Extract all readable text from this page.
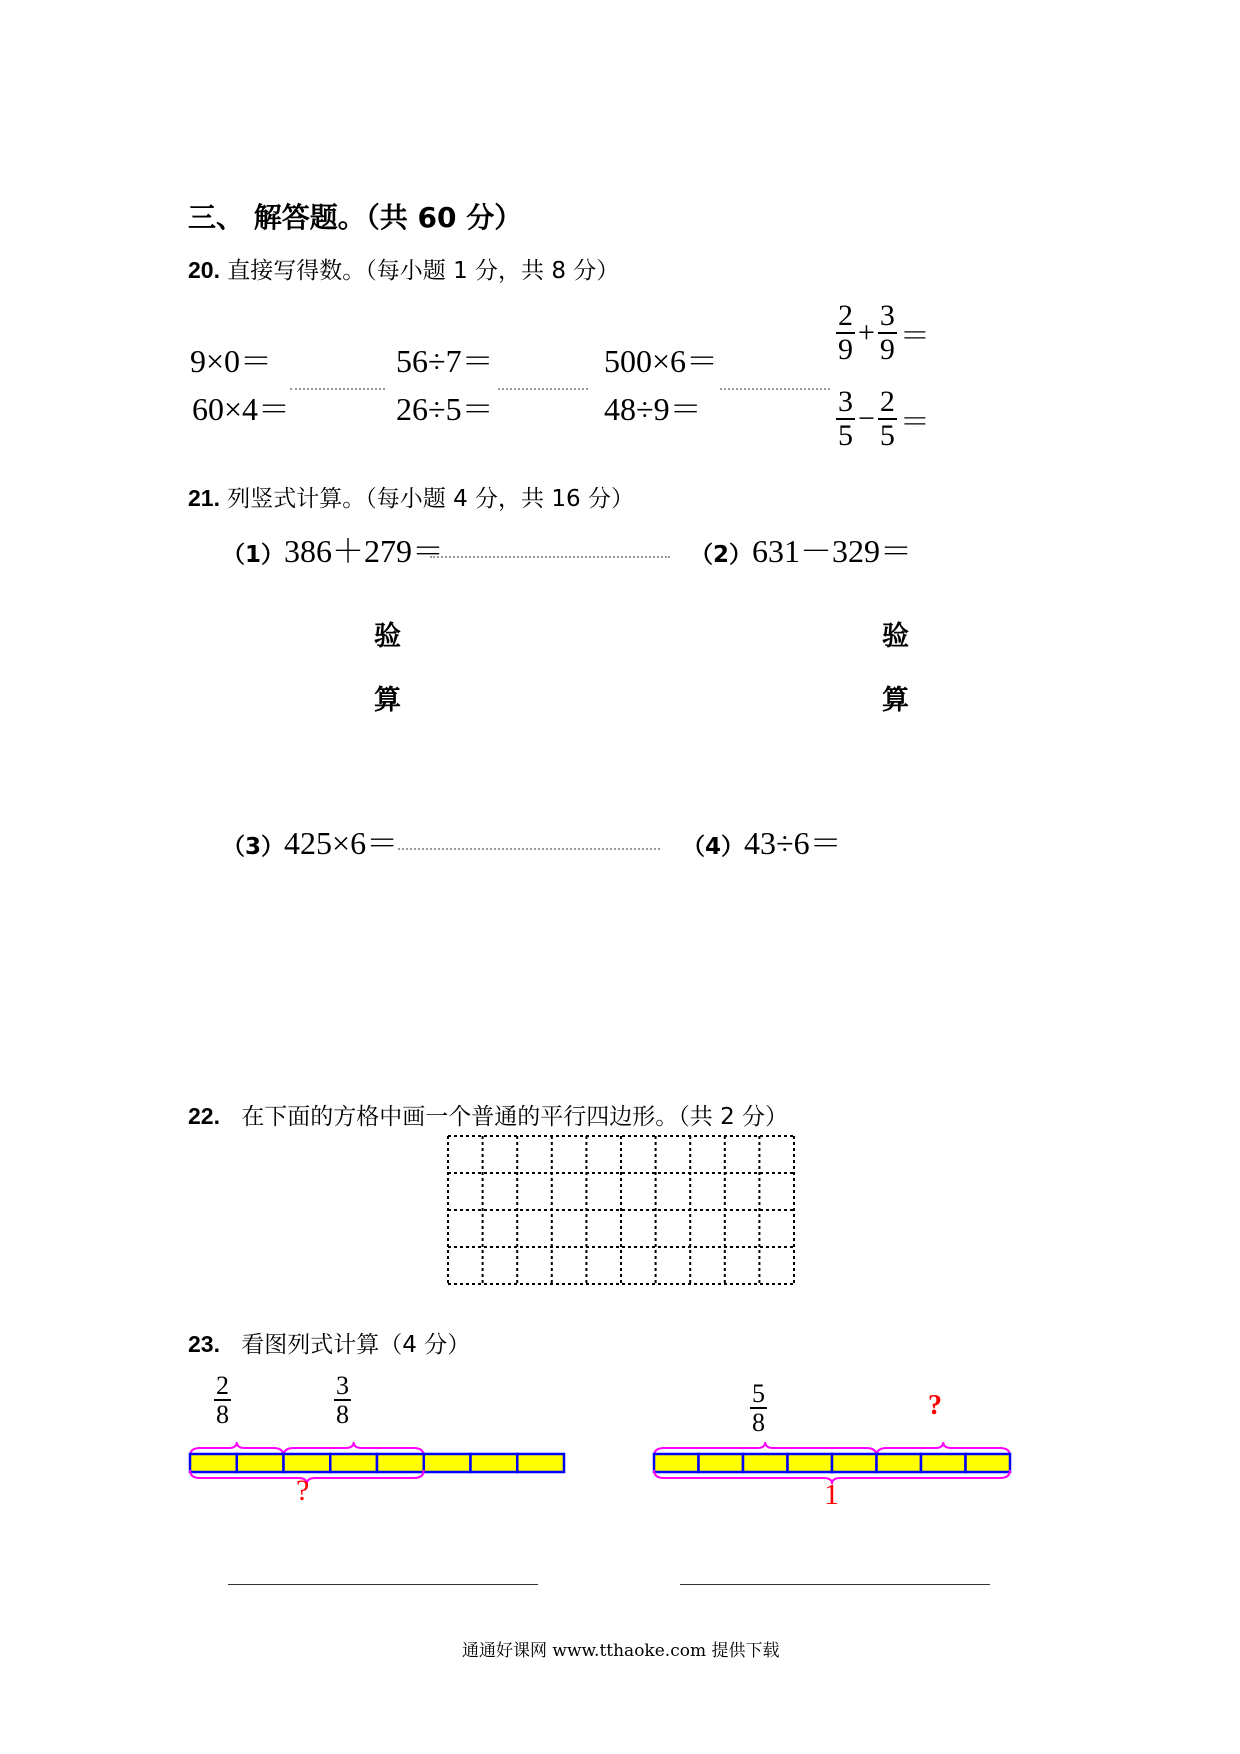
三、 解答题。（共 60 分）
20. 直接写得数。（每小题 1 分，共 8 分）
9×0＝	56÷7＝	500×6＝
60×4＝	26÷5＝	48÷9＝
$\frac{2}{9} + \frac{3}{9}$ ＝
$\frac{3}{5} - \frac{2}{5}$ ＝
21. 列竖式计算。（每小题 4 分，共 16 分）
（1）386＋279＝	（2）631－329＝
验
算
验
算
（3）425×6＝	（4）43÷6＝
22. 在下面的方格中画一个普通的平行四边形。（共 2 分）
23. 看图列式计算（4 分）
$\frac{2}{8}$	$\frac{3}{8}$
?
$\frac{5}{8}$	?
1
通通好课网 www.tthaoke.com 提供下载
